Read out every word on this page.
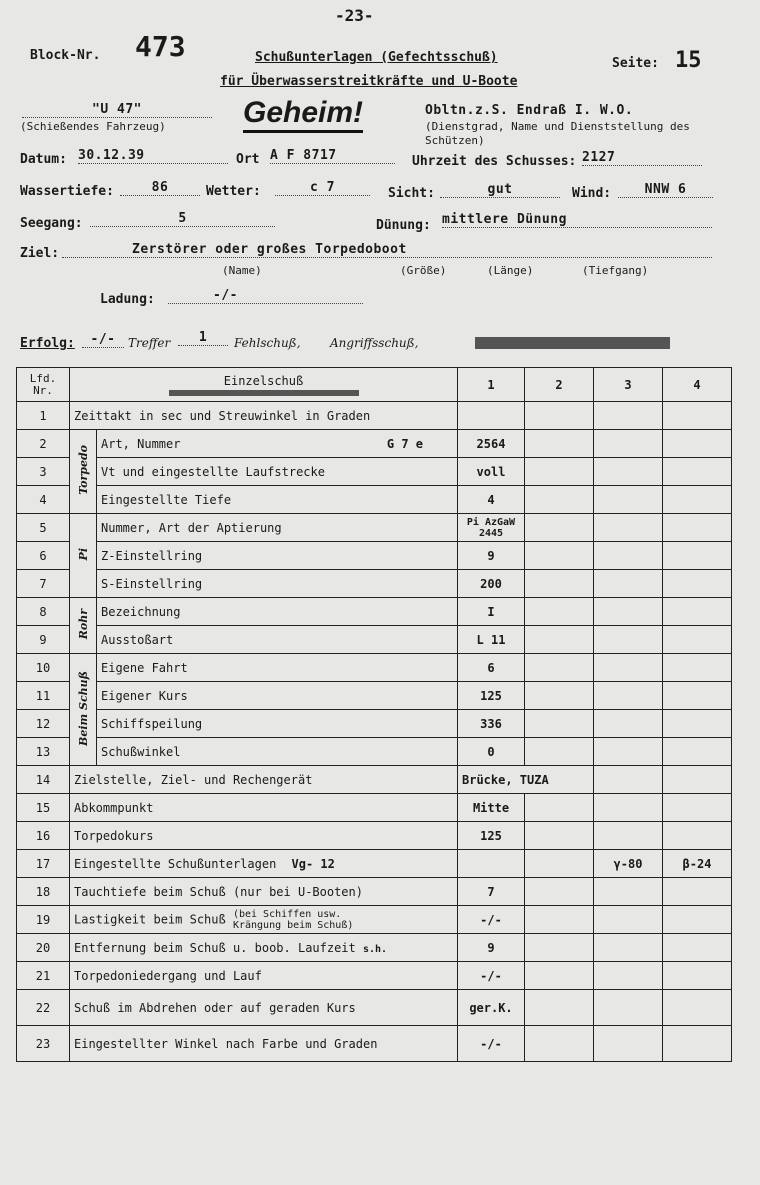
-23-
Block-Nr. 473	Schußunterlagen (Gefechtsschuß)
für Überwasserstreitkräfte und U-Boote
Seite: 15
"U 47"
(Schießendes Fahrzeug)	Geheim!	Obltn.z.S. Endraß I. W.O.
(Dienstgrad, Name und Dienststellung des Schützen)
Datum: 30.12.39	Ort A F 8717	Uhrzeit des Schusses: 2127
Wassertiefe:	86	Wetter:	c 7	Sicht:	gut	Wind:	NNW 6
Seegang:	5	Dünung: mittlere Dünung
Ziel:	Zerstörer oder großes Torpedoboot
(Name)	(Größe)	(Länge)	(Tiefgang)
Ladung:	-/-
Erfolg:	-/-	Treffer	1	Fehlschuß, Angriffsschuß,
Lfd. Nr.	Einzelschuß		1	2	3	4
1	Zeittakt in sec und Streuwinkel in Graden					
2	Torpedo	Art, Nummer G 7 e	2564			
3		Vt und eingestellte Laufstrecke	voll			
4		Eingestellte Tiefe	4			
5	Pi	Nummer, Art der Aptierung	Pi AzGaW 2445			
6		Z-Einstellring	9			
7		S-Einstellring	200			
8	Rohr	Bezeichnung	I			
9		Ausstoßart	L 11			
10	Beim Schuß	Eigene Fahrt	6			
11		Eigener Kurs	125			
12		Schiffspeilung	336			
13		Schußwinkel	0			
14	Zielstelle, Ziel- und Rechengerät		Brücke, TUZA			
15	Abkommpunkt		Mitte			
16	Torpedokurs		125			
17	Eingestellte Schußunterlagen Vg- 12				γ-80	β-24
18	Tauchtiefe beim Schuß (nur bei U-Booten)		7			
19	Lastigkeit beim Schuß (bei Schiffen usw. Krängung beim Schuß)		-/-			
20	Entfernung beim Schuß u. boob. Laufzeit s.h.		9			
21	Torpedoniedergang und Lauf		-/-			
22	Schuß im Abdrehen oder auf geraden Kurs		ger.K.			
23	Eingestellter Winkel nach Farbe und Graden		-/-			
